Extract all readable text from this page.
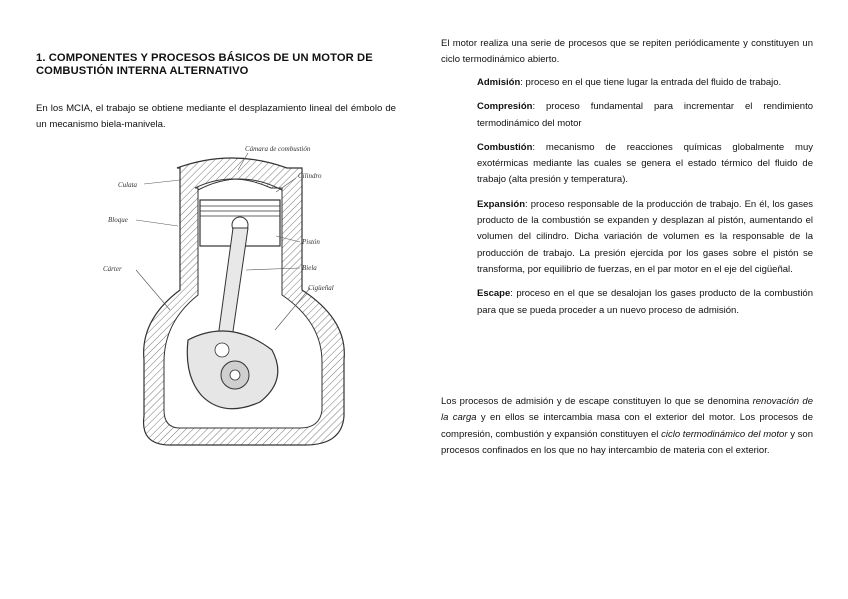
1. COMPONENTES Y PROCESOS BÁSICOS DE UN MOTOR DE
COMBUSTIÓN INTERNA ALTERNATIVO
En los MCIA, el trabajo se obtiene mediante el desplazamiento lineal del émbolo de un mecanismo biela-manivela.
Cámara de combustión
Culata
Cilindro
Bloque
Pistón
Cárter	Biela
Cigüeñal
El motor realiza una serie de procesos que se repiten periódicamente y constituyen un ciclo termodinámico abierto.
Admisión: proceso en el que tiene lugar la entrada del fluido de trabajo.
Compresión: proceso fundamental para incrementar el rendimiento termodinámico del motor
Combustión: mecanismo de reacciones químicas globalmente muy exotérmicas mediante las cuales se genera el estado térmico del fluido de trabajo (alta presión y temperatura).
Expansión: proceso responsable de la producción de trabajo. En él, los gases producto de la combustión se expanden y desplazan al pistón, aumentando el volumen del cilindro. Dicha variación de volumen es la responsable de la producción de trabajo. La presión ejercida por los gases sobre el pistón se transforma, por equilibrio de fuerzas, en el par motor en el eje del cigüeñal.
Escape: proceso en el que se desalojan los gases producto de la combustión para que se pueda proceder a un nuevo proceso de admisión.
Los procesos de admisión y de escape constituyen lo que se denomina renovación de la carga y en ellos se intercambia masa con el exterior del motor. Los procesos de compresión, combustión y expansión constituyen el ciclo termodinámico del motor y son procesos confinados en los que no hay intercambio de materia con el exterior.
